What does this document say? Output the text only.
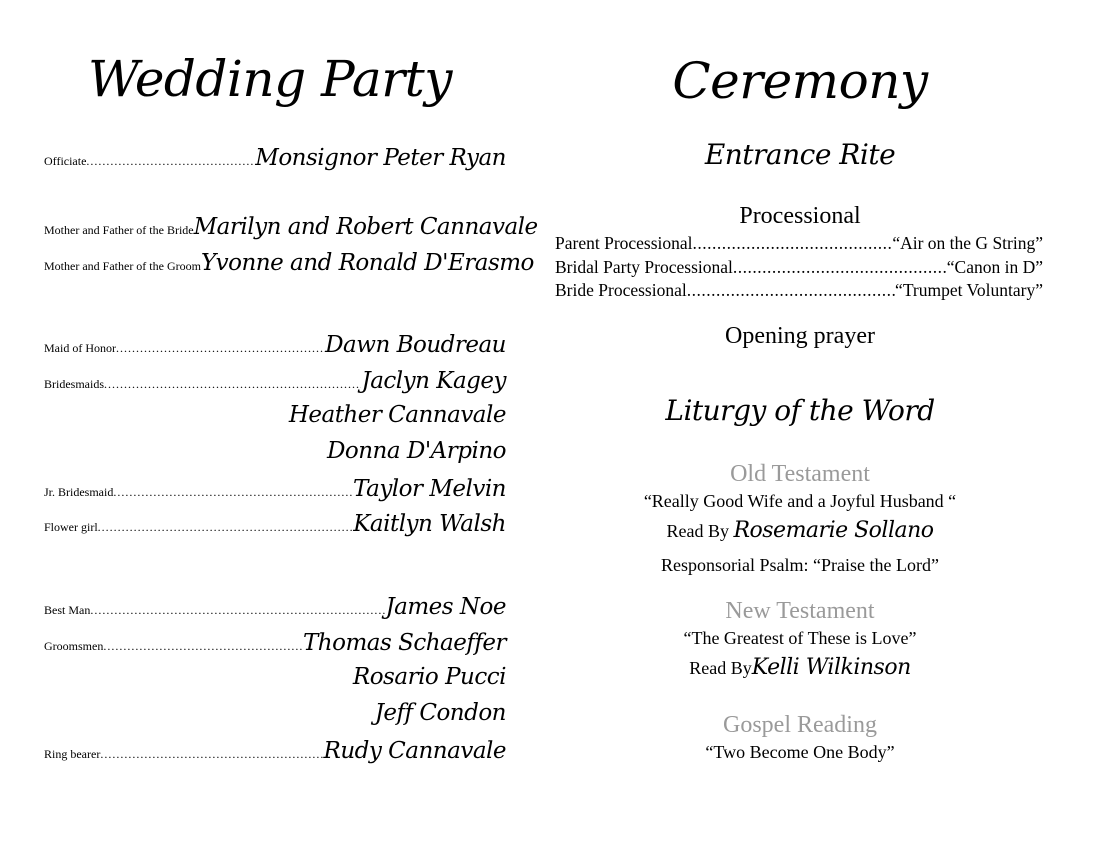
Wedding Party
Officiate .....	Monsignor Peter Ryan
Mother and Father of the Bride Marilyn and Robert Cannavale
Mother and Father of the Groom Yvonne and Ronald D'Erasmo
Maid of Honor .....	Dawn Boudreau
Bridesmaids .....	Jaclyn Kagey
Heather Cannavale
Donna D'Arpino
Jr. Bridesmaid .....	Taylor Melvin
Flower girl .....	Kaitlyn Walsh
Best Man .....	James Noe
Groomsmen .....	Thomas Schaeffer
Rosario Pucci
Jeff Condon
Ring bearer .....	Rudy Cannavale
Ceremony
Entrance Rite
Processional
Parent Processional .....	“Air on the G String”
Bridal Party Processional .....	“Canon in D”
Bride Processional .....	“Trumpet Voluntary”
Opening prayer
Liturgy of the Word
Old Testament
“Really Good Wife and a Joyful Husband “
Read By Rosemarie Sollano
Responsorial Psalm: “Praise the Lord”
New Testament
“The Greatest of These is Love”
Read ByKelli Wilkinson
Gospel Reading
“Two Become One Body”
